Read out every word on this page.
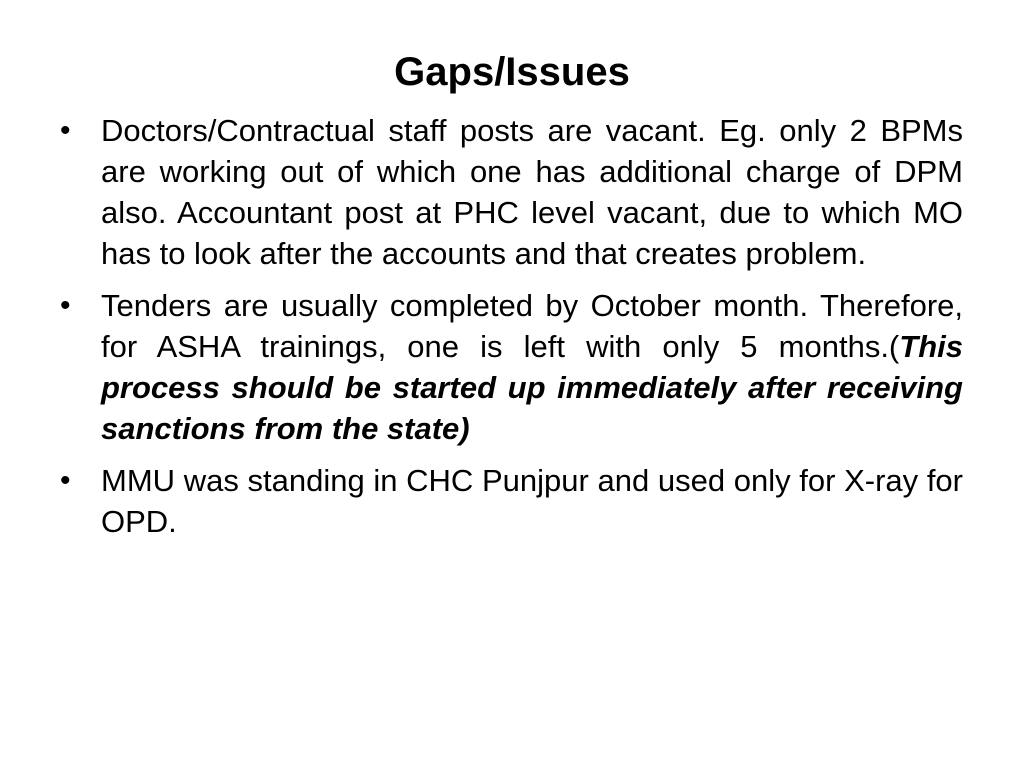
Gaps/Issues
• Doctors/Contractual staff posts are vacant. Eg. only 2 BPMs are working out of which one has additional charge of DPM also. Accountant post at PHC level vacant, due to which MO has to look after the accounts and that creates problem.
• Tenders are usually completed by October month. Therefore, for ASHA trainings, one is left with only 5 months.(This process should be started up immediately after receiving sanctions from the state)
• MMU was standing in CHC Punjpur and used only for X-ray for OPD.
